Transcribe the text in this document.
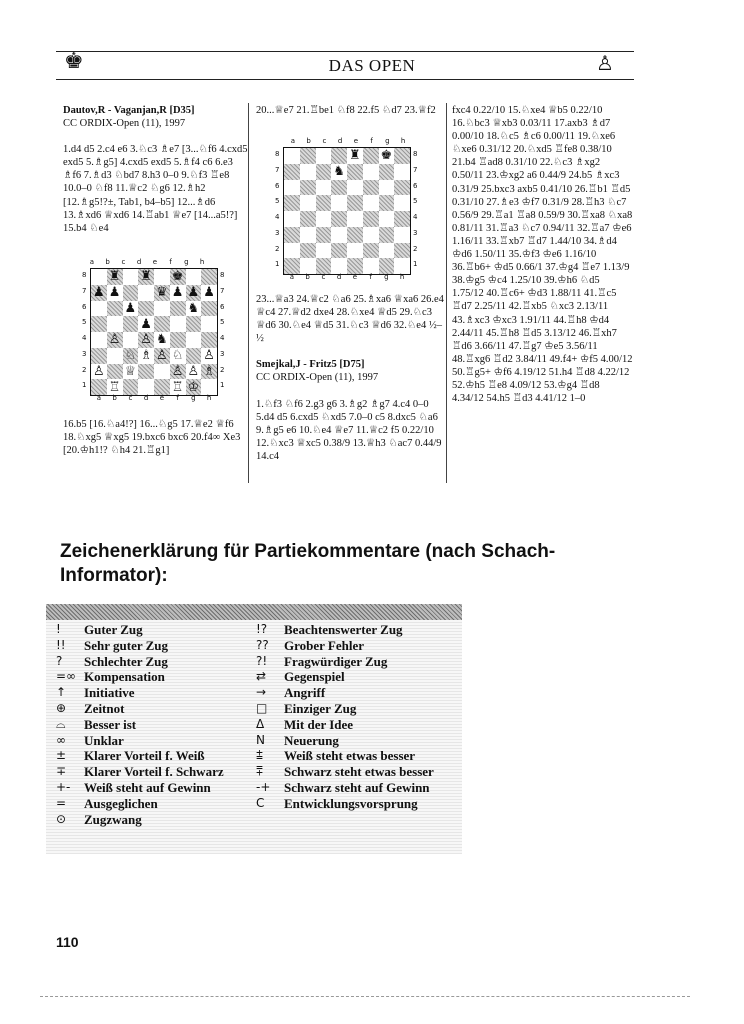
♚	DAS OPEN	♙

Dautov,R - Vaganjan,R [D35]

CC ORDIX-Open (11), 1997

1.d4 d5 2.c4 e6 3.♘c3 ♗e7 [3...♘f6 4.cxd5 exd5 5.♗g5] 4.cxd5 exd5 5.♗f4 c6 6.e3 ♗f6 7.♗d3 ♘bd7 8.h3 0–0 9.♘f3 ♖e8 10.0–0 ♘f8 11.♕c2 ♘g6 12.♗h2 [12.♗g5!?±, Tab1, b4–b5] 12...♗d6 13.♗xd6 ♕xd6 14.♖ab1 ♕e7 [14...a5!?] 15.b4 ♘e4

a	b	c	d	e	f	g	h
8
7
6
5
4
3
2
1
♜ ♜ ♚
♟ ♟	♛ ♟ ♟ ♟
♟	♞
♟
♙ ♙ ♞
♘ ♗ ♙ ♘ ♙
♙ ♕	♙ ♙ ♗
♖	♖ ♔
8
7
6
5
4
3
2
1
a	b	c	d	e	f	g	h

16.b5 [16.♘a4!?] 16...♘g5 17.♕e2 ♕f6 18.♘xg5 ♕xg5 19.bxc6 bxc6 20.f4∞ Xe3 [20.♔h1!? ♘h4 21.♖g1]

20...♕e7 21.♖be1 ♘f8 22.f5 ♘d7 23.♕f2

a	b	c	d	e	f	g	h
8
7
6
5
4
3
2
1
♜ ♚
♞
8
7
6
5
4
3
2
1
a	b	c	d	e	f	g	h

23...♕a3 24.♕c2 ♘a6 25.♗xa6 ♕xa6 26.e4 ♕c4 27.♕d2 dxe4 28.♘xe4 ♕d5 29.♘c3 ♕d6 30.♘e4 ♕d5 31.♘c3 ♕d6 32.♘e4 ½–½

Smejkal,J - Fritz5 [D75]

CC ORDIX-Open (11), 1997

1.♘f3 ♘f6 2.g3 g6 3.♗g2 ♗g7 4.c4 0–0 5.d4 d5 6.cxd5 ♘xd5 7.0–0 c5 8.dxc5 ♘a6 9.♗g5 e6 10.♘e4 ♕e7 11.♕c2 f5 0.22/10 12.♘xc3 ♕xc5 0.38/9 13.♕h3 ♘ac7 0.44/9 14.c4

fxc4 0.22/10 15.♘xe4 ♕b5 0.22/10 16.♘bc3 ♕xb3 0.03/11 17.axb3 ♗d7 0.00/10 18.♘c5 ♗c6 0.00/11 19.♘xe6 ♘xe6 0.31/12 20.♘xd5 ♖fe8 0.38/10 21.b4 ♖ad8 0.31/10 22.♘c3 ♗xg2 0.50/11 23.♔xg2 a6 0.44/9 24.b5 ♗xc3 0.31/9 25.bxc3 axb5 0.41/10 26.♖b1 ♖d5 0.31/10 27.♗e3 ♔f7 0.31/9 28.♖h3 ♘c7 0.56/9 29.♖a1 ♖a8 0.59/9 30.♖xa8 ♘xa8 0.81/11 31.♖a3 ♘c7 0.94/11 32.♖a7 ♔e6 1.16/11 33.♖xb7 ♖d7 1.44/10 34.♗d4 ♔d6 1.50/11 35.♔f3 ♔e6 1.16/10 36.♖b6+ ♔d5 0.66/1 37.♔g4 ♖e7 1.13/9 38.♔g5 ♔c4 1.25/10 39.♔h6 ♘d5 1.75/12 40.♖c6+ ♔d3 1.88/11 41.♖c5 ♖d7 2.25/11 42.♖xb5 ♘xc3 2.13/11 43.♗xc3 ♔xc3 1.91/11 44.♖h8 ♔d4 2.44/11 45.♖h8 ♖d5 3.13/12 46.♖xh7 ♖d6 3.66/11 47.♖g7 ♔e5 3.56/11 48.♖xg6 ♖d2 3.84/11 49.f4+ ♔f5 4.00/12 50.♖g5+ ♔f6 4.19/12 51.h4 ♖d8 4.22/12 52.♔h5 ♖e8 4.09/12 53.♔g4 ♖d8 4.34/12 54.h5 ♖d3 4.41/12 1–0

Zeichenerklärung für Partiekommentare (nach Schach-Informator):
!	Guter Zug
!!	Sehr guter Zug
?	Schlechter Zug
=∞ Kompensation
↑	Initiative
⊕	Zeitnot
⌓	Besser ist
∞	Unklar
±	Klarer Vorteil f. Weiß
∓	Klarer Vorteil f. Schwarz
+-	Weiß steht auf Gewinn
=	Ausgeglichen
⊙	Zugzwang
!?	Beachtenswerter Zug
??	Grober Fehler
?!	Fragwürdiger Zug
⇄	Gegenspiel
→	Angriff
□	Einziger Zug
Δ	Mit der Idee
N	Neuerung
⩲	Weiß steht etwas besser
⩱	Schwarz steht etwas besser
-+	Schwarz steht auf Gewinn
C	Entwicklungsvorsprung
110
